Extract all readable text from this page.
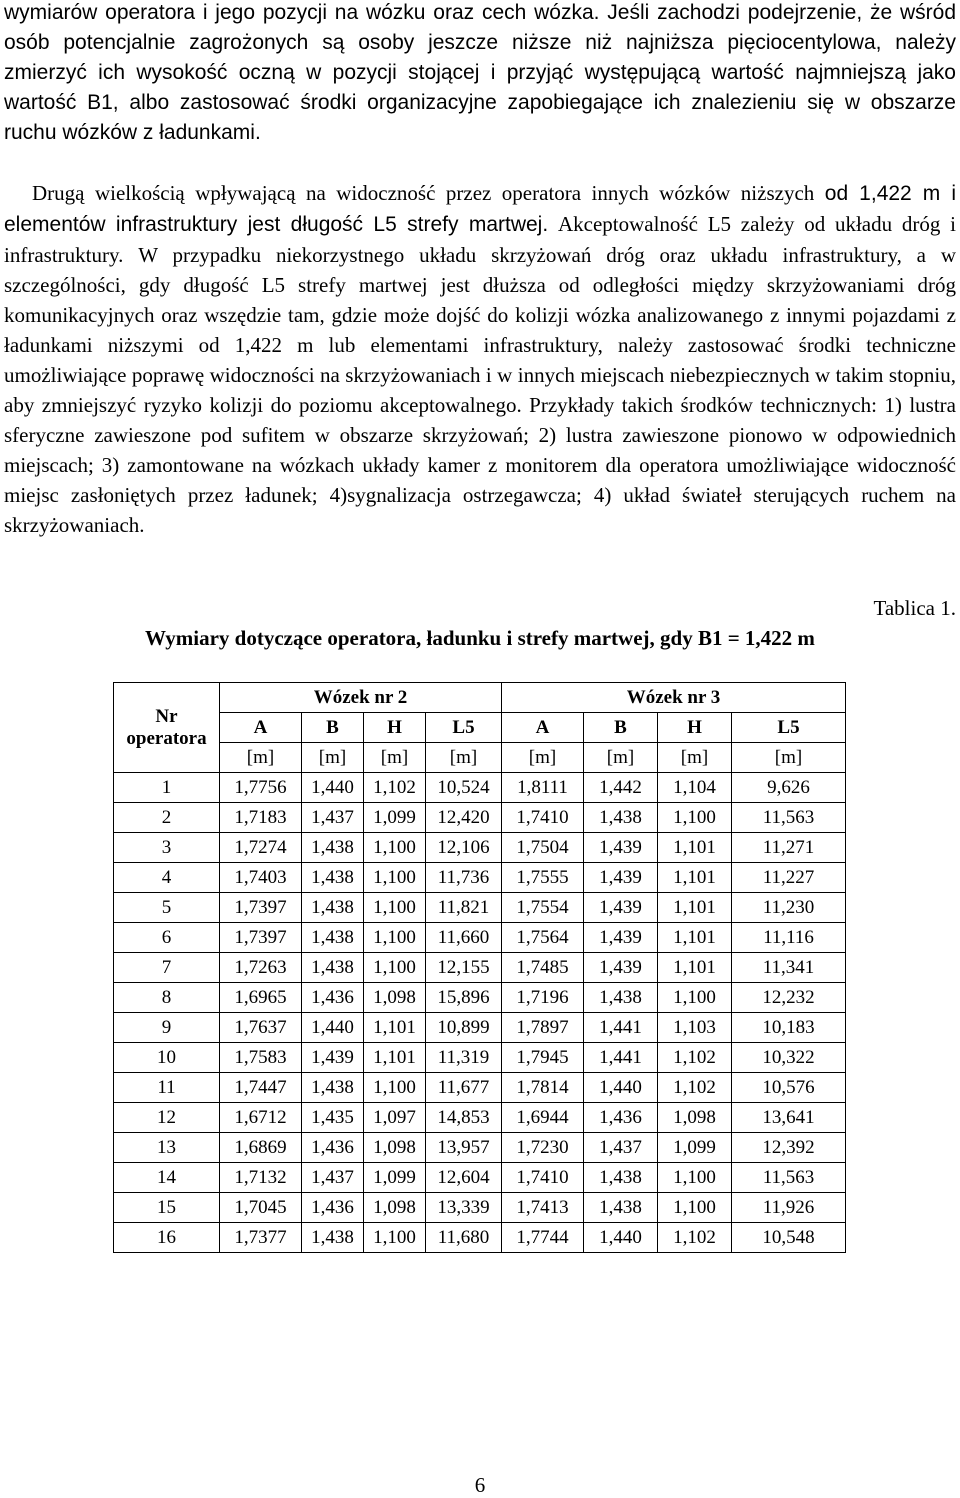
wymiarów operatora i jego pozycji na wózku oraz cech wózka. Jeśli zachodzi podejrzenie, że wśród osób potencjalnie zagrożonych są osoby jeszcze niższe niż najniższa pięciocentylowa, należy zmierzyć ich wysokość oczną w pozycji stojącej i przyjąć występującą wartość najmniejszą jako wartość B1, albo zastosować środki organizacyjne zapobiegające ich znalezieniu się w obszarze ruchu wózków z ładunkami.

Drugą wielkością wpływającą na widoczność przez operatora innych wózków niższych od 1,422 m i elementów infrastruktury jest długość L5 strefy martwej. Akceptowalność L5 zależy od układu dróg i infrastruktury. W przypadku niekorzystnego układu skrzyżowań dróg oraz układu infrastruktury, a w szczególności, gdy długość L5 strefy martwej jest dłuższa od odległości między skrzyżowaniami dróg komunikacyjnych oraz wszędzie tam, gdzie może dojść do kolizji wózka analizowanego z innymi pojazdami z ładunkami niższymi od 1,422 m lub elementami infrastruktury, należy zastosować środki techniczne umożliwiające poprawę widoczności na skrzyżowaniach i w innych miejscach niebezpiecznych w takim stopniu, aby zmniejszyć ryzyko kolizji do poziomu akceptowalnego. Przykłady takich środków technicznych: 1) lustra sferyczne zawieszone pod sufitem w obszarze skrzyżowań; 2) lustra zawieszone pionowo w odpowiednich miejscach; 3) zamontowane na wózkach układy kamer z monitorem dla operatora umożliwiające widoczność miejsc zasłoniętych przez ładunek; 4)sygnalizacja ostrzegawcza; 4) układ świateł sterujących ruchem na skrzyżowaniach.

Tablica 1.
Wymiary dotyczące operatora, ładunku i strefy martwej, gdy B1 = 1,422 m
Nr operatora	Wózek nr 2				Wózek nr 3			
	A	B	H	L5	A	B	H	L5
	[m]	[m]	[m]	[m]	[m]	[m]	[m]	[m]
1	1,7756	1,440	1,102	10,524	1,8111	1,442	1,104	9,626
2	1,7183	1,437	1,099	12,420	1,7410	1,438	1,100	11,563
3	1,7274	1,438	1,100	12,106	1,7504	1,439	1,101	11,271
4	1,7403	1,438	1,100	11,736	1,7555	1,439	1,101	11,227
5	1,7397	1,438	1,100	11,821	1,7554	1,439	1,101	11,230
6	1,7397	1,438	1,100	11,660	1,7564	1,439	1,101	11,116
7	1,7263	1,438	1,100	12,155	1,7485	1,439	1,101	11,341
8	1,6965	1,436	1,098	15,896	1,7196	1,438	1,100	12,232
9	1,7637	1,440	1,101	10,899	1,7897	1,441	1,103	10,183
10	1,7583	1,439	1,101	11,319	1,7945	1,441	1,102	10,322
11	1,7447	1,438	1,100	11,677	1,7814	1,440	1,102	10,576
12	1,6712	1,435	1,097	14,853	1,6944	1,436	1,098	13,641
13	1,6869	1,436	1,098	13,957	1,7230	1,437	1,099	12,392
14	1,7132	1,437	1,099	12,604	1,7410	1,438	1,100	11,563
15	1,7045	1,436	1,098	13,339	1,7413	1,438	1,100	11,926
16	1,7377	1,438	1,100	11,680	1,7744	1,440	1,102	10,548
6
